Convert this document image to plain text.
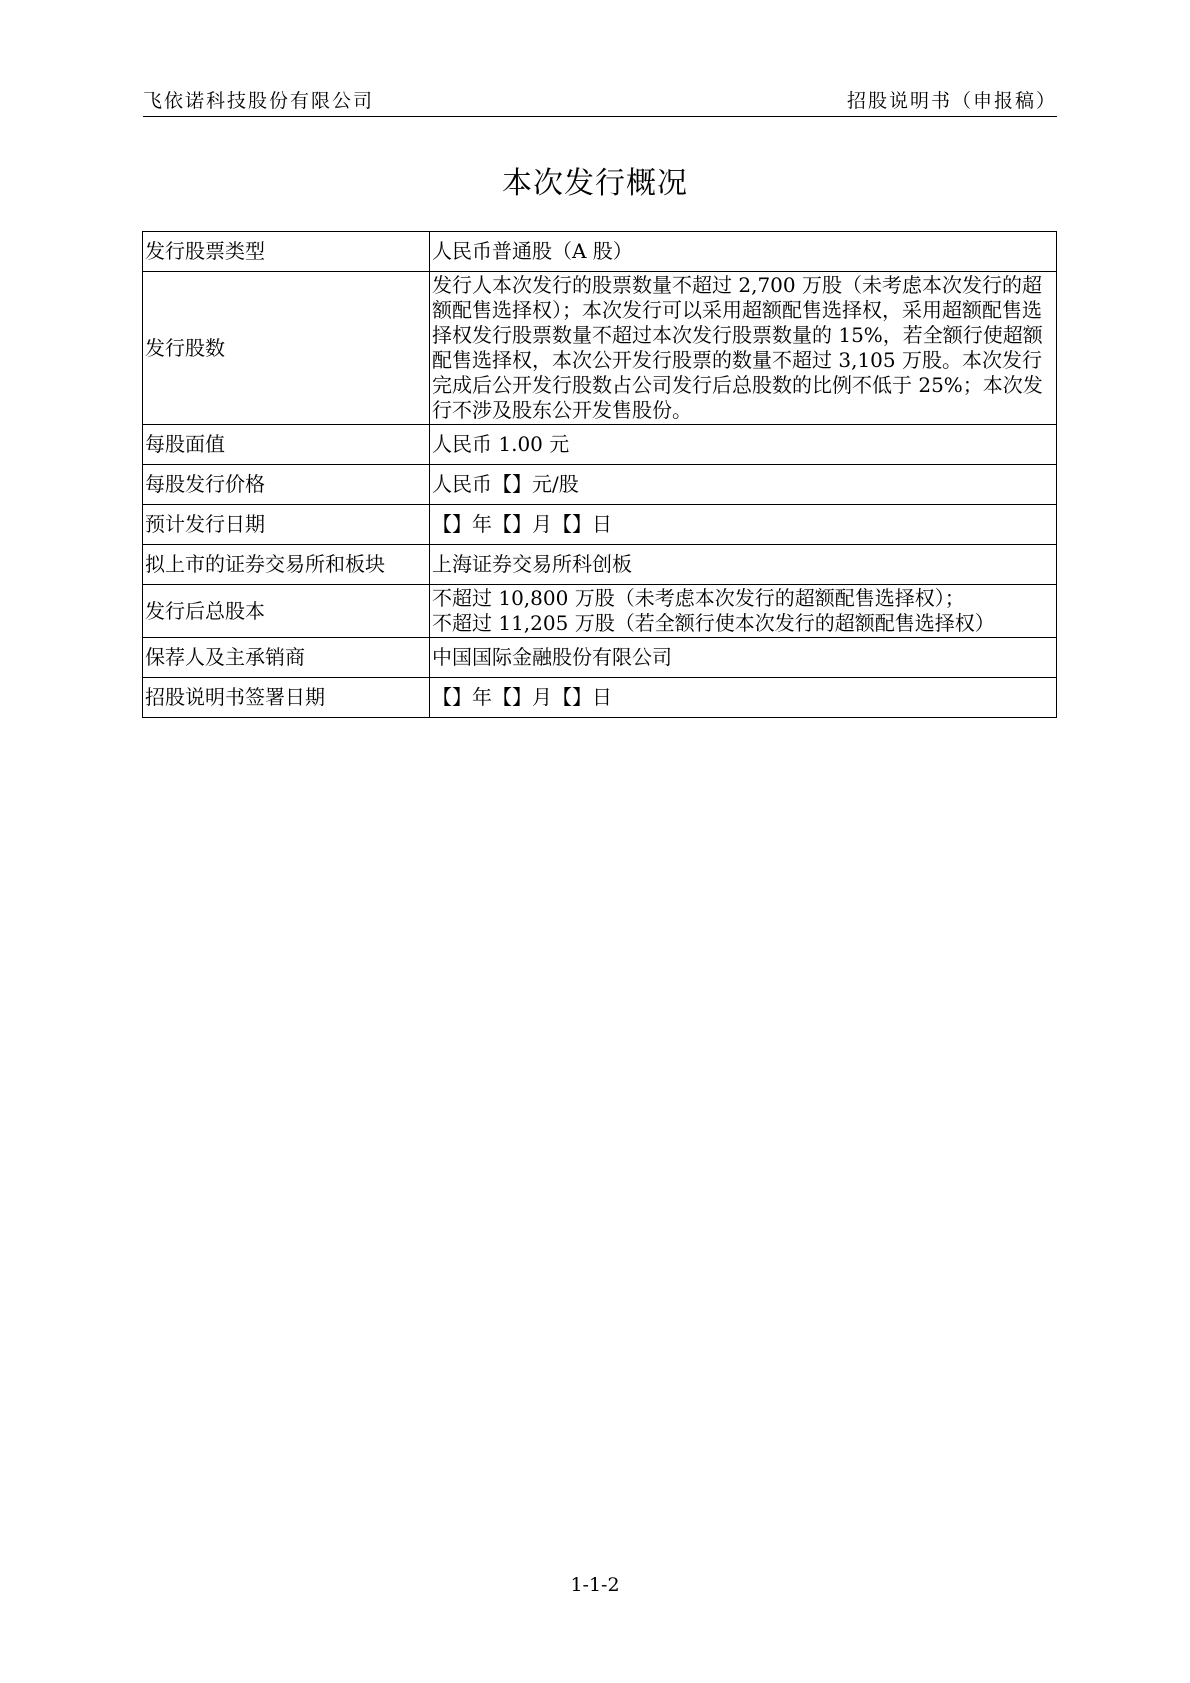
飞依诺科技股份有限公司	招股说明书（申报稿）
本次发行概况
发行股票类型	人民币普通股（A 股）
发行股数	发行人本次发行的股票数量不超过 2,700 万股（未考虑本次发行的超额配售选择权）；本次发行可以采用超额配售选择权，采用超额配售选择权发行股票数量不超过本次发行股票数量的 15%，若全额行使超额配售选择权，本次公开发行股票的数量不超过 3,105 万股。本次发行完成后公开发行股数占公司发行后总股数的比例不低于 25%；本次发行不涉及股东公开发售股份。
每股面值	人民币 1.00 元
每股发行价格	人民币【】元/股
预计发行日期	【】年【】月【】日
拟上市的证券交易所和板块	上海证券交易所科创板
发行后总股本	不超过 10,800 万股（未考虑本次发行的超额配售选择权）；
不超过 11,205 万股（若全额行使本次发行的超额配售选择权）

保荐人及主承销商	中国国际金融股份有限公司
招股说明书签署日期	【】年【】月【】日
1-1-2
